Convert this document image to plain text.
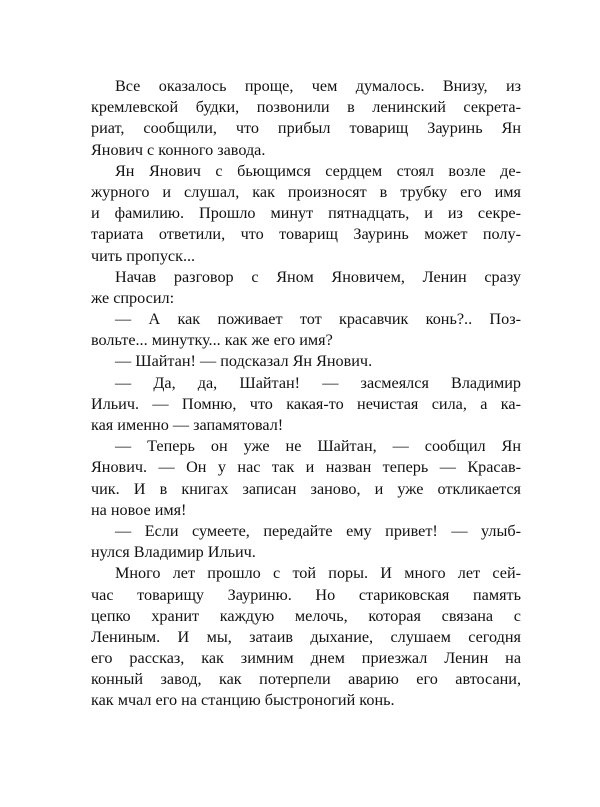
Все оказалось проще, чем думалось. Внизу, из
кремлевской будки, позвонили в ленинский секрета-
риат, сообщили, что прибыл товарищ Зауринь Ян
Янович с конного завода.
Ян Янович с бьющимся сердцем стоял возле де-
журного и слушал, как произносят в трубку его имя
и фамилию. Прошло минут пятнадцать, и из секре-
тариата ответили, что товарищ Зауринь может полу-
чить пропуск...
Начав разговор с Яном Яновичем, Ленин сразу
же спросил:
— А как поживает тот красавчик конь?.. Поз-
вольте... минутку... как же его имя?
— Шайтан! — подсказал Ян Янович.
— Да, да, Шайтан! — засмеялся Владимир
Ильич. — Помню, что какая-то нечистая сила, а ка-
кая именно — запамятовал!
— Теперь он уже не Шайтан, — сообщил Ян
Янович. — Он у нас так и назван теперь — Красав-
чик. И в книгах записан заново, и уже откликается
на новое имя!
— Если сумеете, передайте ему привет! — улыб-
нулся Владимир Ильич.
Много лет прошло с той поры. И много лет сей-
час товарищу Зауриню. Но стариковская память
цепко хранит каждую мелочь, которая связана с
Лениным. И мы, затаив дыхание, слушаем сегодня
его рассказ, как зимним днем приезжал Ленин на
конный завод, как потерпели аварию его автосани,
как мчал его на станцию быстроногий конь.
